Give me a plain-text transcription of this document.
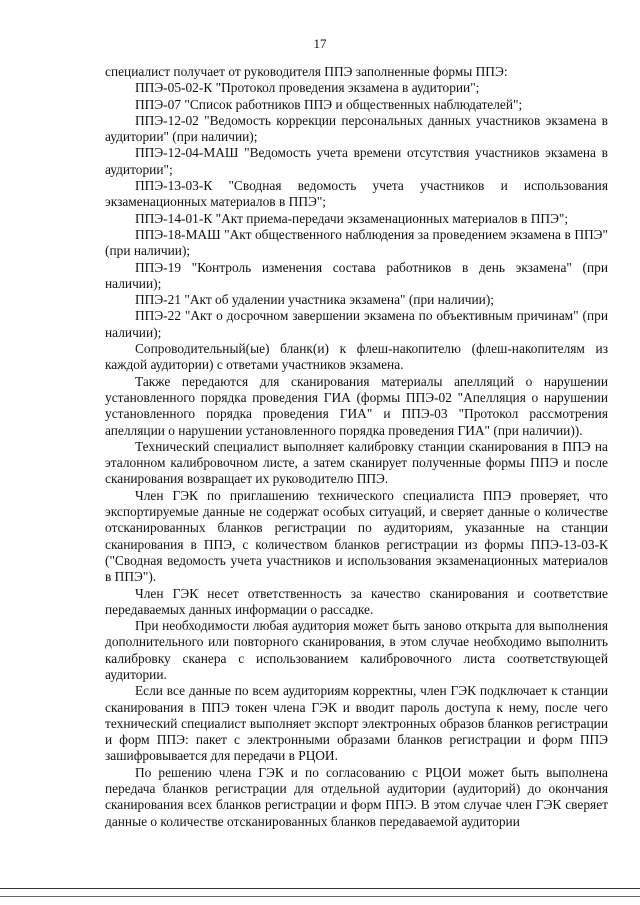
17

специалист получает от руководителя ППЭ заполненные формы ППЭ:

ППЭ-05-02-К "Протокол проведения экзамена в аудитории";

ППЭ-07 "Список работников ППЭ и общественных наблюдателей";

ППЭ-12-02 "Ведомость коррекции персональных данных участников экзамена в аудитории" (при наличии);

ППЭ-12-04-МАШ "Ведомость учета времени отсутствия участников экзамена в аудитории";

ППЭ-13-03-К "Сводная ведомость учета участников и использования экзаменационных материалов в ППЭ";

ППЭ-14-01-К "Акт приема-передачи экзаменационных материалов в ППЭ";

ППЭ-18-МАШ "Акт общественного наблюдения за проведением экзамена в ППЭ" (при наличии);

ППЭ-19 "Контроль изменения состава работников в день экзамена" (при наличии);

ППЭ-21 "Акт об удалении участника экзамена" (при наличии);

ППЭ-22 "Акт о досрочном завершении экзамена по объективным причинам" (при наличии);

Сопроводительный(ые) бланк(и) к флеш-накопителю (флеш-накопителям из каждой аудитории) с ответами участников экзамена.

Также передаются для сканирования материалы апелляций о нарушении установленного порядка проведения ГИА (формы ППЭ-02 "Апелляция о нарушении установленного порядка проведения ГИА" и ППЭ-03 "Протокол рассмотрения апелляции о нарушении установленного порядка проведения ГИА" (при наличии)).

Технический специалист выполняет калибровку станции сканирования в ППЭ на эталонном калибровочном листе, а затем сканирует полученные формы ППЭ и после сканирования возвращает их руководителю ППЭ.

Член ГЭК по приглашению технического специалиста ППЭ проверяет, что экспортируемые данные не содержат особых ситуаций, и сверяет данные о количестве отсканированных бланков регистрации по аудиториям, указанные на станции сканирования в ППЭ, с количеством бланков регистрации из формы ППЭ-13-03-К ("Сводная ведомость учета участников и использования экзаменационных материалов в ППЭ").

Член ГЭК несет ответственность за качество сканирования и соответствие передаваемых данных информации о рассадке.

При необходимости любая аудитория может быть заново открыта для выполнения дополнительного или повторного сканирования, в этом случае необходимо выполнить калибровку сканера с использованием калибровочного листа соответствующей аудитории.

Если все данные по всем аудиториям корректны, член ГЭК подключает к станции сканирования в ППЭ токен члена ГЭК и вводит пароль доступа к нему, после чего технический специалист выполняет экспорт электронных образов бланков регистрации и форм ППЭ: пакет с электронными образами бланков регистрации и форм ППЭ зашифровывается для передачи в РЦОИ.

По решению члена ГЭК и по согласованию с РЦОИ может быть выполнена передача бланков регистрации для отдельной аудитории (аудиторий) до окончания сканирования всех бланков регистрации и форм ППЭ. В этом случае член ГЭК сверяет данные о количестве отсканированных бланков передаваемой аудитории
